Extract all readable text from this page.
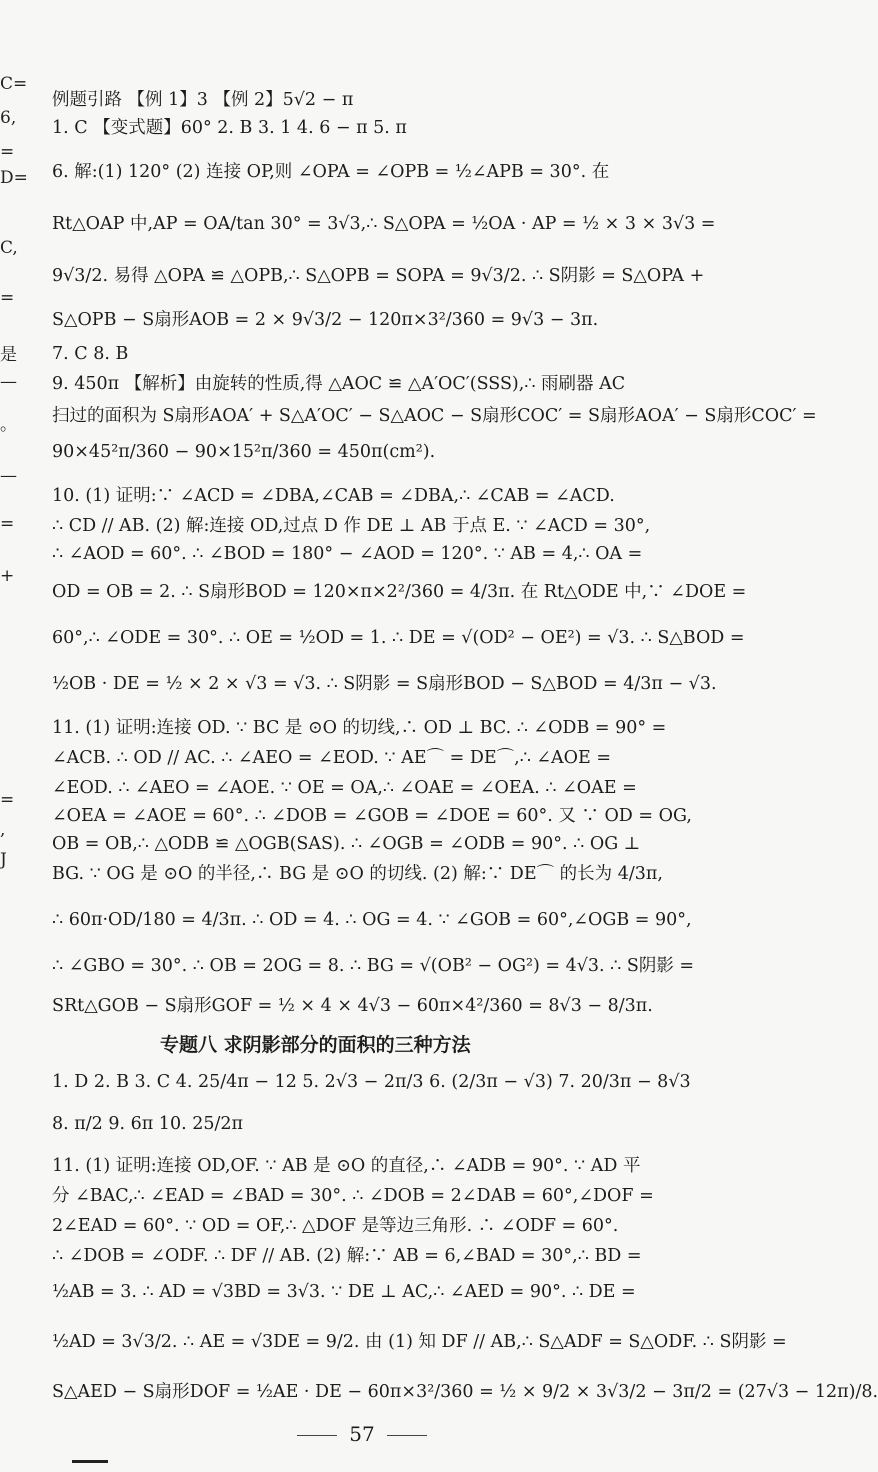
C=
6,
=
D=
C,
=
是
—
。
—
=
+
=
,
J
例题引路 【例 1】3 【例 2】5√2 − π
1. C 【变式题】60° 2. B 3. 1 4. 6 − π 5. π
6. 解:(1) 120° (2) 连接 OP,则 ∠OPA = ∠OPB = ½∠APB = 30°. 在
Rt△OAP 中,AP = OA/tan 30° = 3√3,∴ S△OPA = ½OA · AP = ½ × 3 × 3√3 =
9√3/2. 易得 △OPA ≌ △OPB,∴ S△OPB = SOPA = 9√3/2. ∴ S阴影 = S△OPA +
S△OPB − S扇形AOB = 2 × 9√3/2 − 120π×3²/360 = 9√3 − 3π.
7. C 8. B
9. 450π 【解析】由旋转的性质,得 △AOC ≌ △A′OC′(SSS),∴ 雨刷器 AC
扫过的面积为 S扇形AOA′ + S△A′OC′ − S△AOC − S扇形COC′ = S扇形AOA′ − S扇形COC′ =
90×45²π/360 − 90×15²π/360 = 450π(cm²).
10. (1) 证明:∵ ∠ACD = ∠DBA,∠CAB = ∠DBA,∴ ∠CAB = ∠ACD.
∴ CD // AB. (2) 解:连接 OD,过点 D 作 DE ⊥ AB 于点 E. ∵ ∠ACD = 30°,
∴ ∠AOD = 60°. ∴ ∠BOD = 180° − ∠AOD = 120°. ∵ AB = 4,∴ OA =
OD = OB = 2. ∴ S扇形BOD = 120×π×2²/360 = 4/3π. 在 Rt△ODE 中,∵ ∠DOE =
60°,∴ ∠ODE = 30°. ∴ OE = ½OD = 1. ∴ DE = √(OD² − OE²) = √3. ∴ S△BOD =
½OB · DE = ½ × 2 × √3 = √3. ∴ S阴影 = S扇形BOD − S△BOD = 4/3π − √3.
11. (1) 证明:连接 OD. ∵ BC 是 ⊙O 的切线,∴ OD ⊥ BC. ∴ ∠ODB = 90° =
∠ACB. ∴ OD // AC. ∴ ∠AEO = ∠EOD. ∵ AE⌒ = DE⌒,∴ ∠AOE =
∠EOD. ∴ ∠AEO = ∠AOE. ∵ OE = OA,∴ ∠OAE = ∠OEA. ∴ ∠OAE =
∠OEA = ∠AOE = 60°. ∴ ∠DOB = ∠GOB = ∠DOE = 60°. 又 ∵ OD = OG,
OB = OB,∴ △ODB ≌ △OGB(SAS). ∴ ∠OGB = ∠ODB = 90°. ∴ OG ⊥
BG. ∵ OG 是 ⊙O 的半径,∴ BG 是 ⊙O 的切线. (2) 解:∵ DE⌒ 的长为 4/3π,
∴ 60π·OD/180 = 4/3π. ∴ OD = 4. ∴ OG = 4. ∵ ∠GOB = 60°,∠OGB = 90°,
∴ ∠GBO = 30°. ∴ OB = 2OG = 8. ∴ BG = √(OB² − OG²) = 4√3. ∴ S阴影 =
SRt△GOB − S扇形GOF = ½ × 4 × 4√3 − 60π×4²/360 = 8√3 − 8/3π.
专题八 求阴影部分的面积的三种方法
1. D 2. B 3. C 4. 25/4π − 12 5. 2√3 − 2π/3 6. (2/3π − √3) 7. 20/3π − 8√3
8. π/2 9. 6π 10. 25/2π
11. (1) 证明:连接 OD,OF. ∵ AB 是 ⊙O 的直径,∴ ∠ADB = 90°. ∵ AD 平
分 ∠BAC,∴ ∠EAD = ∠BAD = 30°. ∴ ∠DOB = 2∠DAB = 60°,∠DOF =
2∠EAD = 60°. ∵ OD = OF,∴ △DOF 是等边三角形. ∴ ∠ODF = 60°.
∴ ∠DOB = ∠ODF. ∴ DF // AB. (2) 解:∵ AB = 6,∠BAD = 30°,∴ BD =
½AB = 3. ∴ AD = √3BD = 3√3. ∵ DE ⊥ AC,∴ ∠AED = 90°. ∴ DE =
½AD = 3√3/2. ∴ AE = √3DE = 9/2. 由 (1) 知 DF // AB,∴ S△ADF = S△ODF. ∴ S阴影 =
S△AED − S扇形DOF = ½AE · DE − 60π×3²/360 = ½ × 9/2 × 3√3/2 − 3π/2 = (27√3 − 12π)/8.
57
